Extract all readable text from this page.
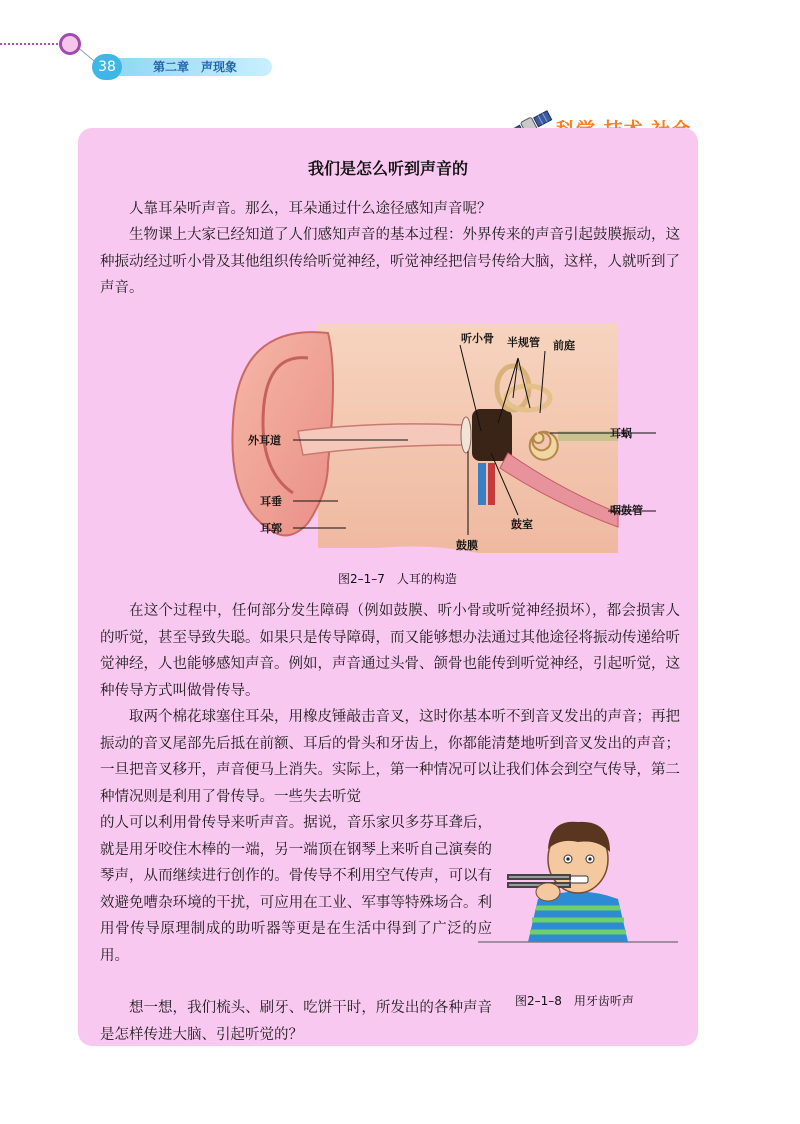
38	第二章　声现象
我们是怎么听到声音的

人靠耳朵听声音。那么，耳朵通过什么途径感知声音呢？

生物课上大家已经知道了人们感知声音的基本过程：外界传来的声音引起鼓膜振动，这种振动经过听小骨及其他组织传给听觉神经，听觉神经把信号传给大脑，这样，人就听到了声音。

耳郭
外耳道
耳垂
听小骨 半规管 前庭
耳蜗
咽鼓管
鼓室
鼓膜
图2–1–7　人耳的构造

在这个过程中，任何部分发生障碍（例如鼓膜、听小骨或听觉神经损坏），都会损害人的听觉，甚至导致失聪。如果只是传导障碍，而又能够想办法通过其他途径将振动传递给听觉神经，人也能够感知声音。例如，声音通过头骨、颌骨也能传到听觉神经，引起听觉，这种传导方式叫做骨传导。

取两个棉花球塞住耳朵，用橡皮锤敲击音叉，这时你基本听不到音叉发出的声音；再把振动的音叉尾部先后抵在前额、耳后的骨头和牙齿上，你都能清楚地听到音叉发出的声音；一旦把音叉移开，声音便马上消失。实际上，第一种情况可以让我们体会到空气传导，第二种情况则是利用了骨传导。一些失去听觉

的人可以利用骨传导来听声音。据说，音乐家贝多芬耳聋后，就是用牙咬住木棒的一端，另一端顶在钢琴上来听自己演奏的琴声，从而继续进行创作的。骨传导不利用空气传声，可以有效避免嘈杂环境的干扰，可应用在工业、军事等特殊场合。利用骨传导原理制成的助听器等更是在生活中得到了广泛的应用。

想一想，我们梳头、刷牙、吃饼干时，所发出的各种声音是怎样传进大脑、引起听觉的？

图2–1–8　用牙齿听声
